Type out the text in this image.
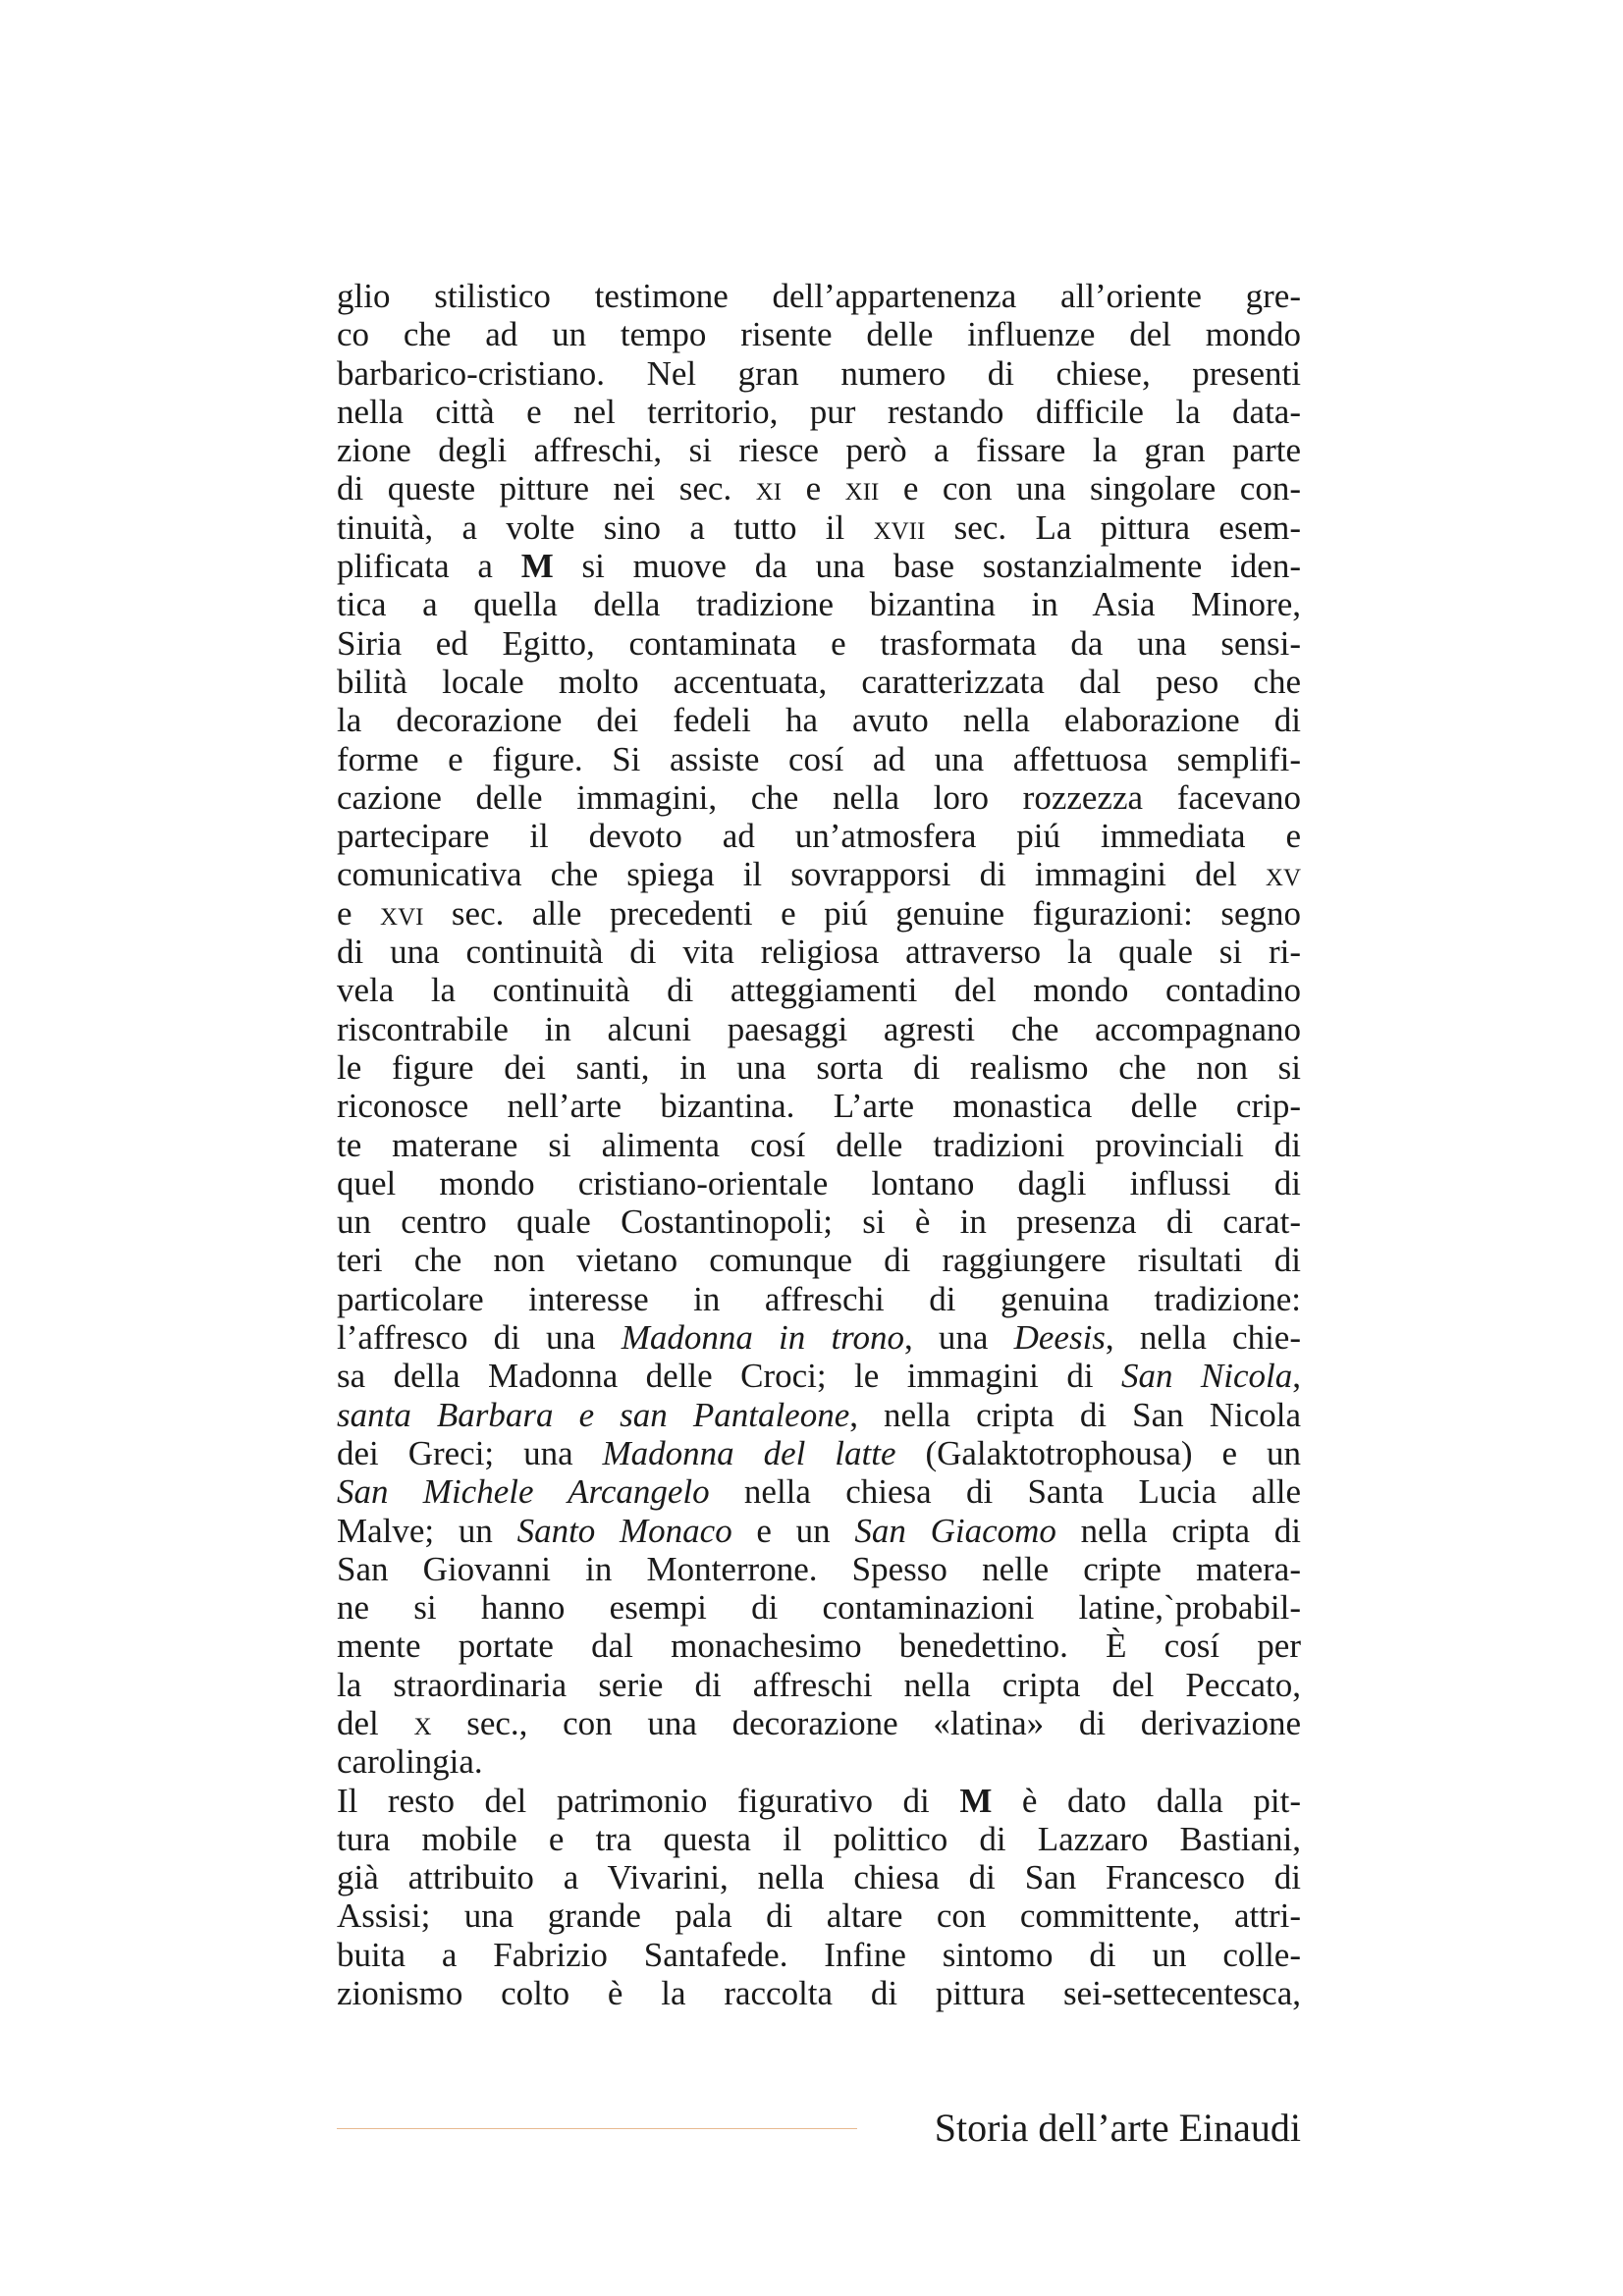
glio stilistico testimone dell’appartenenza all’oriente gre-
co che ad un tempo risente delle influenze del mondo
barbarico-cristiano. Nel gran numero di chiese, presenti
nella città e nel territorio, pur restando difficile la data-
zione degli affreschi, si riesce però a fissare la gran parte
di queste pitture nei sec. xi e xii e con una singolare con-
tinuità, a volte sino a tutto il xvii sec. La pittura esem-
plificata a M si muove da una base sostanzialmente iden-
tica a quella della tradizione bizantina in Asia Minore,
Siria ed Egitto, contaminata e trasformata da una sensi-
bilità locale molto accentuata, caratterizzata dal peso che
la decorazione dei fedeli ha avuto nella elaborazione di
forme e figure. Si assiste cosí ad una affettuosa semplifi-
cazione delle immagini, che nella loro rozzezza facevano
partecipare il devoto ad un’atmosfera piú immediata e
comunicativa che spiega il sovrapporsi di immagini del xv
e xvi sec. alle precedenti e piú genuine figurazioni: segno
di una continuità di vita religiosa attraverso la quale si ri-
vela la continuità di atteggiamenti del mondo contadino
riscontrabile in alcuni paesaggi agresti che accompagnano
le figure dei santi, in una sorta di realismo che non si
riconosce nell’arte bizantina. L’arte monastica delle crip-
te materane si alimenta cosí delle tradizioni provinciali di
quel mondo cristiano-orientale lontano dagli influssi di
un centro quale Costantinopoli; si è in presenza di carat-
teri che non vietano comunque di raggiungere risultati di
particolare interesse in affreschi di genuina tradizione:
l’affresco di una Madonna in trono, una Deesis, nella chie-
sa della Madonna delle Croci; le immagini di San Nicola,
santa Barbara e san Pantaleone, nella cripta di San Nicola
dei Greci; una Madonna del latte (Galaktotrophousa) e un
San Michele Arcangelo nella chiesa di Santa Lucia alle
Malve; un Santo Monaco e un San Giacomo nella cripta di
San Giovanni in Monterrone. Spesso nelle cripte matera-
ne si hanno esempi di contaminazioni latine,`probabil-
mente portate dal monachesimo benedettino. È cosí per
la straordinaria serie di affreschi nella cripta del Peccato,
del x sec., con una decorazione «latina» di derivazione
carolingia.
Il resto del patrimonio figurativo di M è dato dalla pit-
tura mobile e tra questa il polittico di Lazzaro Bastiani,
già attribuito a Vivarini, nella chiesa di San Francesco di
Assisi; una grande pala di altare con committente, attri-
buita a Fabrizio Santafede. Infine sintomo di un colle-
zionismo colto è la raccolta di pittura sei-settecentesca,
Storia dell’arte Einaudi
